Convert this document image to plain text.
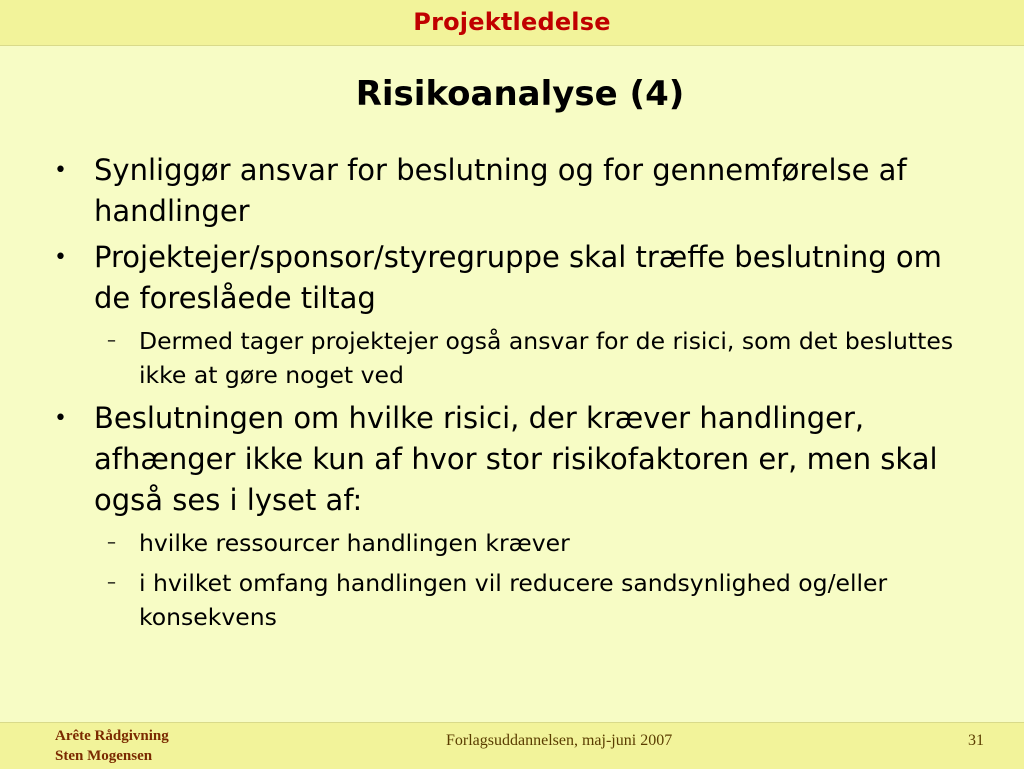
Projektledelse
Risikoanalyse (4)
• Synliggør ansvar for beslutning og for gennemførelse af handlinger
• Projektejer/sponsor/styregruppe skal træffe beslutning om de foreslåede tiltag
– Dermed tager projektejer også ansvar for de risici, som det besluttes ikke at gøre noget ved
• Beslutningen om hvilke risici, der kræver handlinger, afhænger ikke kun af hvor stor risikofaktoren er, men skal også ses i lyset af:
– hvilke ressourcer handlingen kræver
– i hvilket omfang handlingen vil reducere sandsynlighed og/eller konsekvens
Arête Rådgivning
Sten Mogensen
Forlagsuddannelsen, maj-juni 2007	31
